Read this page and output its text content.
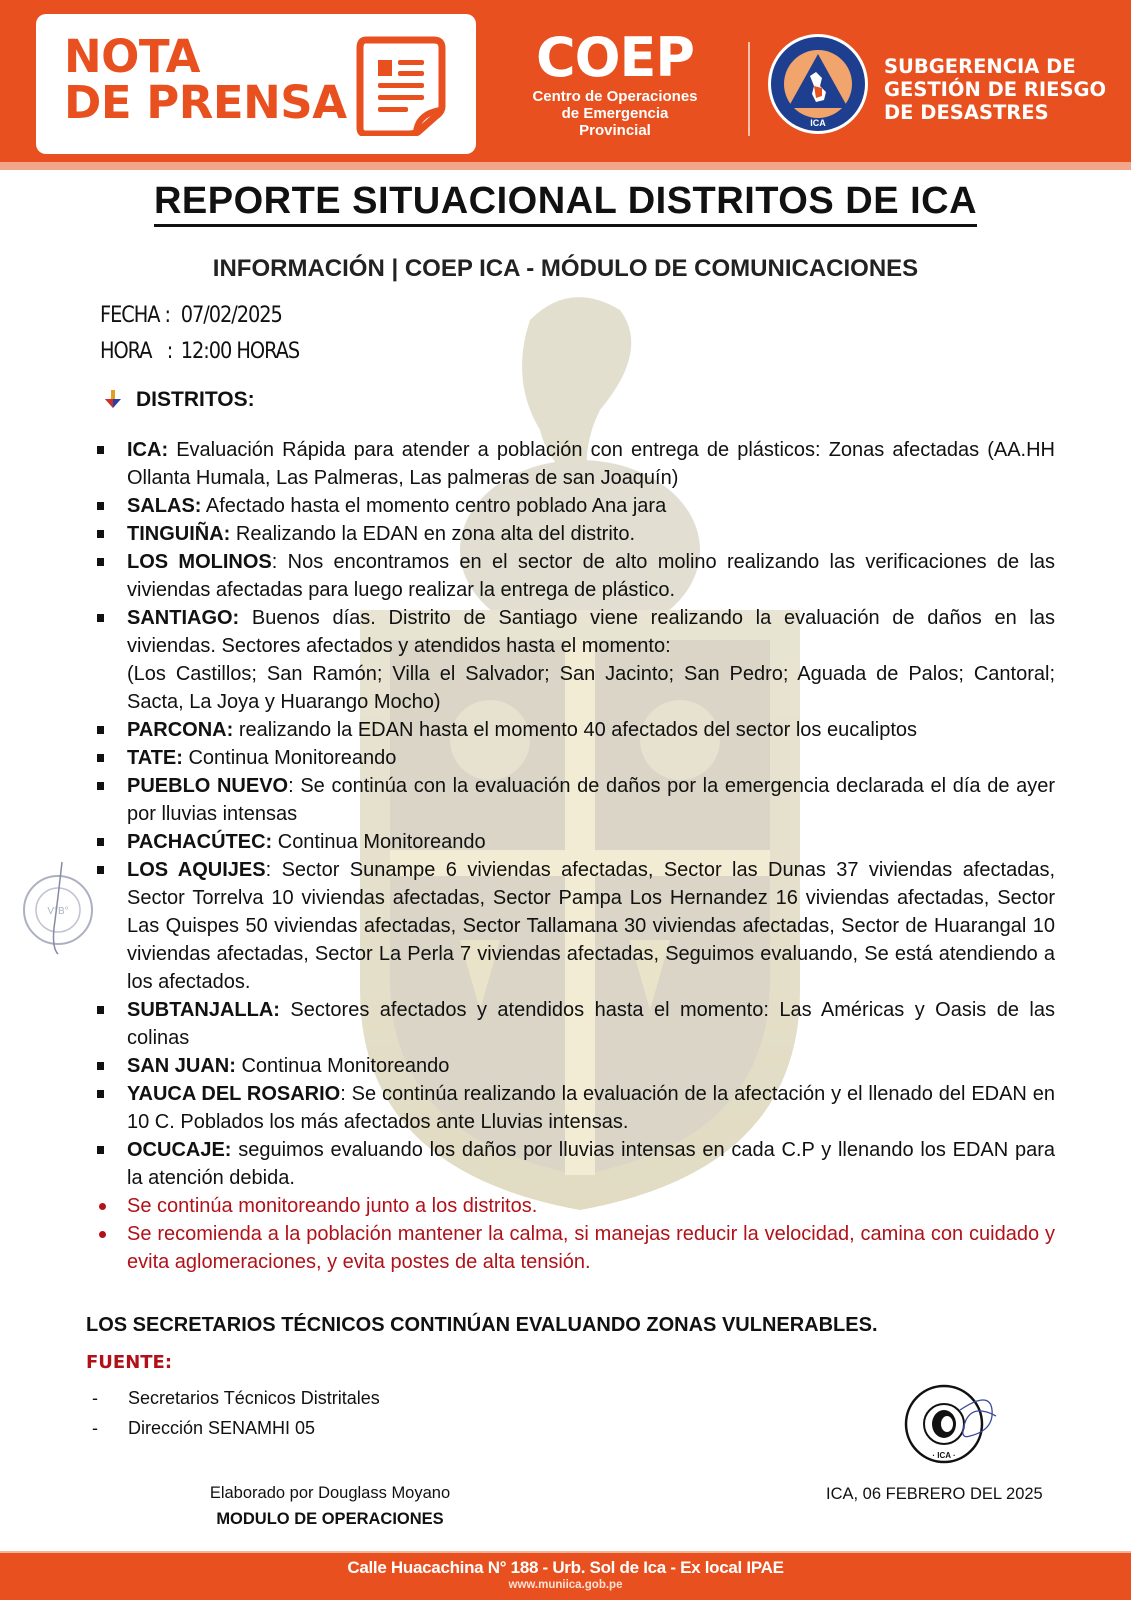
NOTA
DE PRENSA
COEP
Centro de Operaciones
de Emergencia
Provincial	ICA
SUBGERENCIA DE
GESTIÓN DE RIESGO
DE DESASTRES
REPORTE SITUACIONAL DISTRITOS DE ICA
INFORMACIÓN | COEP ICA - MÓDULO DE COMUNICACIONES
FECHA : 07/02/2025
HORA   : 12:00 HORAS
DISTRITOS:
ICA: Evaluación Rápida para atender a población con entrega de plásticos: Zonas afectadas (AA.HH Ollanta Humala, Las Palmeras, Las palmeras de san Joaquín)
SALAS: Afectado hasta el momento centro poblado Ana jara
TINGUIÑA: Realizando la EDAN en zona alta del distrito.
LOS MOLINOS: Nos encontramos en el sector de alto molino realizando las verificaciones de las viviendas afectadas para luego realizar la entrega de plástico.
SANTIAGO: Buenos días. Distrito de Santiago viene realizando la evaluación de daños en las viviendas. Sectores afectados y atendidos hasta el momento:
(Los Castillos; San Ramón; Villa el Salvador; San Jacinto; San Pedro; Aguada de Palos; Cantoral; Sacta, La Joya y Huarango Mocho)
PARCONA: realizando la EDAN hasta el momento 40 afectados del sector los eucaliptos
TATE: Continua Monitoreando
PUEBLO NUEVO: Se continúa con la evaluación de daños por la emergencia declarada el día de ayer por lluvias intensas
PACHACÚTEC: Continua Monitoreando
LOS AQUIJES: Sector Sunampe 6 viviendas afectadas, Sector las Dunas 37 viviendas afectadas, Sector Torrelva 10 viviendas afectadas, Sector Pampa Los Hernandez 16 viviendas afectadas, Sector Las Quispes 50 viviendas afectadas, Sector Tallamana 30 viviendas afectadas, Sector de Huarangal 10 viviendas afectadas, Sector La Perla 7 viviendas afectadas, Seguimos evaluando, Se está atendiendo a los afectados.
SUBTANJALLA: Sectores afectados y atendidos hasta el momento: Las Américas y Oasis de las colinas
SAN JUAN: Continua Monitoreando
YAUCA DEL ROSARIO: Se continúa realizando la evaluación de la afectación y el llenado del EDAN en 10 C. Poblados los más afectados ante Lluvias intensas.
OCUCAJE: seguimos evaluando los daños por lluvias intensas en cada C.P y llenando los EDAN para la atención debida.
Se continúa monitoreando junto a los distritos.
Se recomienda a la población mantener la calma, si manejas reducir la velocidad, camina con cuidado y evita aglomeraciones, y evita postes de alta tensión.
LOS SECRETARIOS TÉCNICOS CONTINÚAN EVALUANDO ZONAS VULNERABLES.
FUENTE:
- Secretarios Técnicos Distritales
- Dirección SENAMHI 05
V°B°
· ICA ·
Elaborado por Douglass Moyano
MODULO DE OPERACIONES
ICA, 06 FEBRERO DEL 2025
Calle Huacachina N° 188 - Urb. Sol de Ica - Ex local IPAE
www.muniica.gob.pe
